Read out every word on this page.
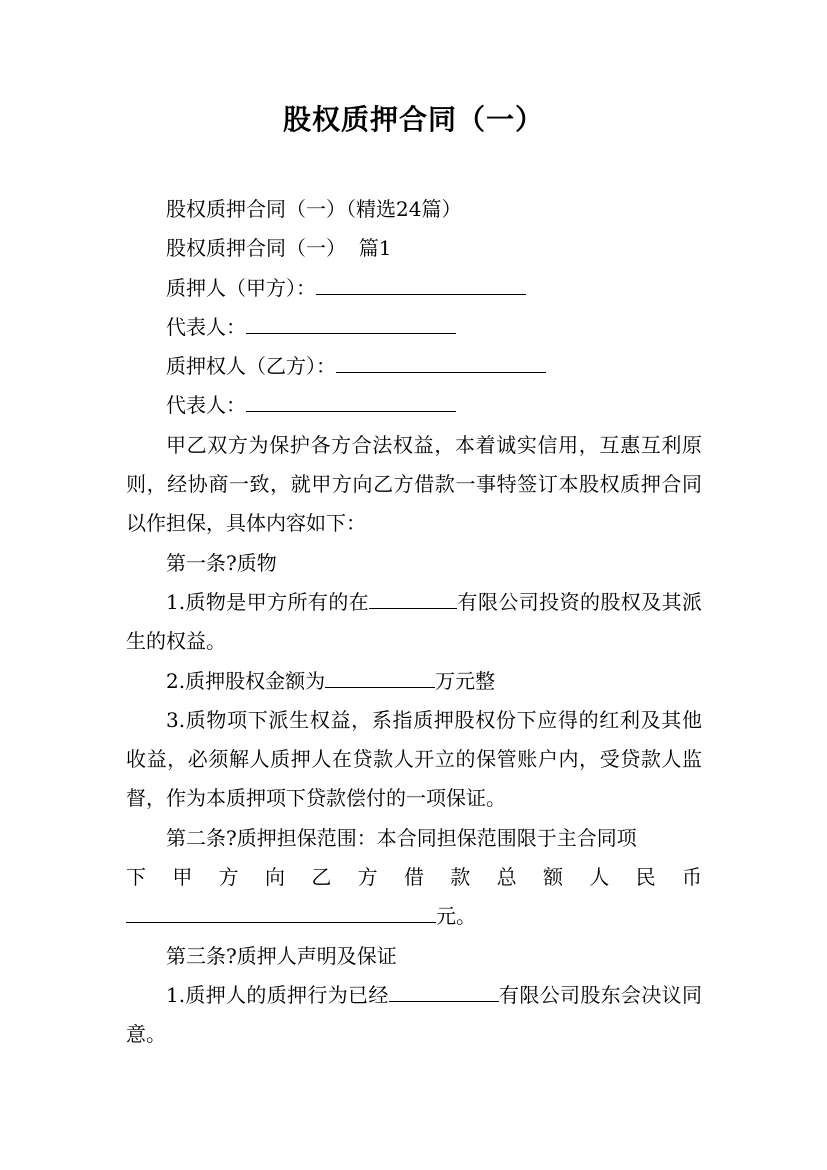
股权质押合同（一）

股权质押合同（一）（精选24篇）

股权质押合同（一）  篇1

质押人（甲方）：

代表人：

质押权人（乙方）：

代表人：

甲乙双方为保护各方合法权益，本着诚实信用，互惠互利原则，经协商一致，就甲方向乙方借款一事特签订本股权质押合同以作担保，具体内容如下：

第一条?质物

1.质物是甲方所有的在	有限公司投资的股权及其派生的权益。

2.质押股权金额为	万元整

3.质物项下派生权益，系指质押股权份下应得的红利及其他收益，必须解人质押人在贷款人开立的保管账户内，受贷款人监督，作为本质押项下贷款偿付的一项保证。

第二条?质押担保范围：本合同担保范围限于主合同项

下 甲 方 向 乙 方 借 款 总 额 人 民 币

元。

第三条?质押人声明及保证

1.质押人的质押行为已经	有限公司股东会决议同意。
